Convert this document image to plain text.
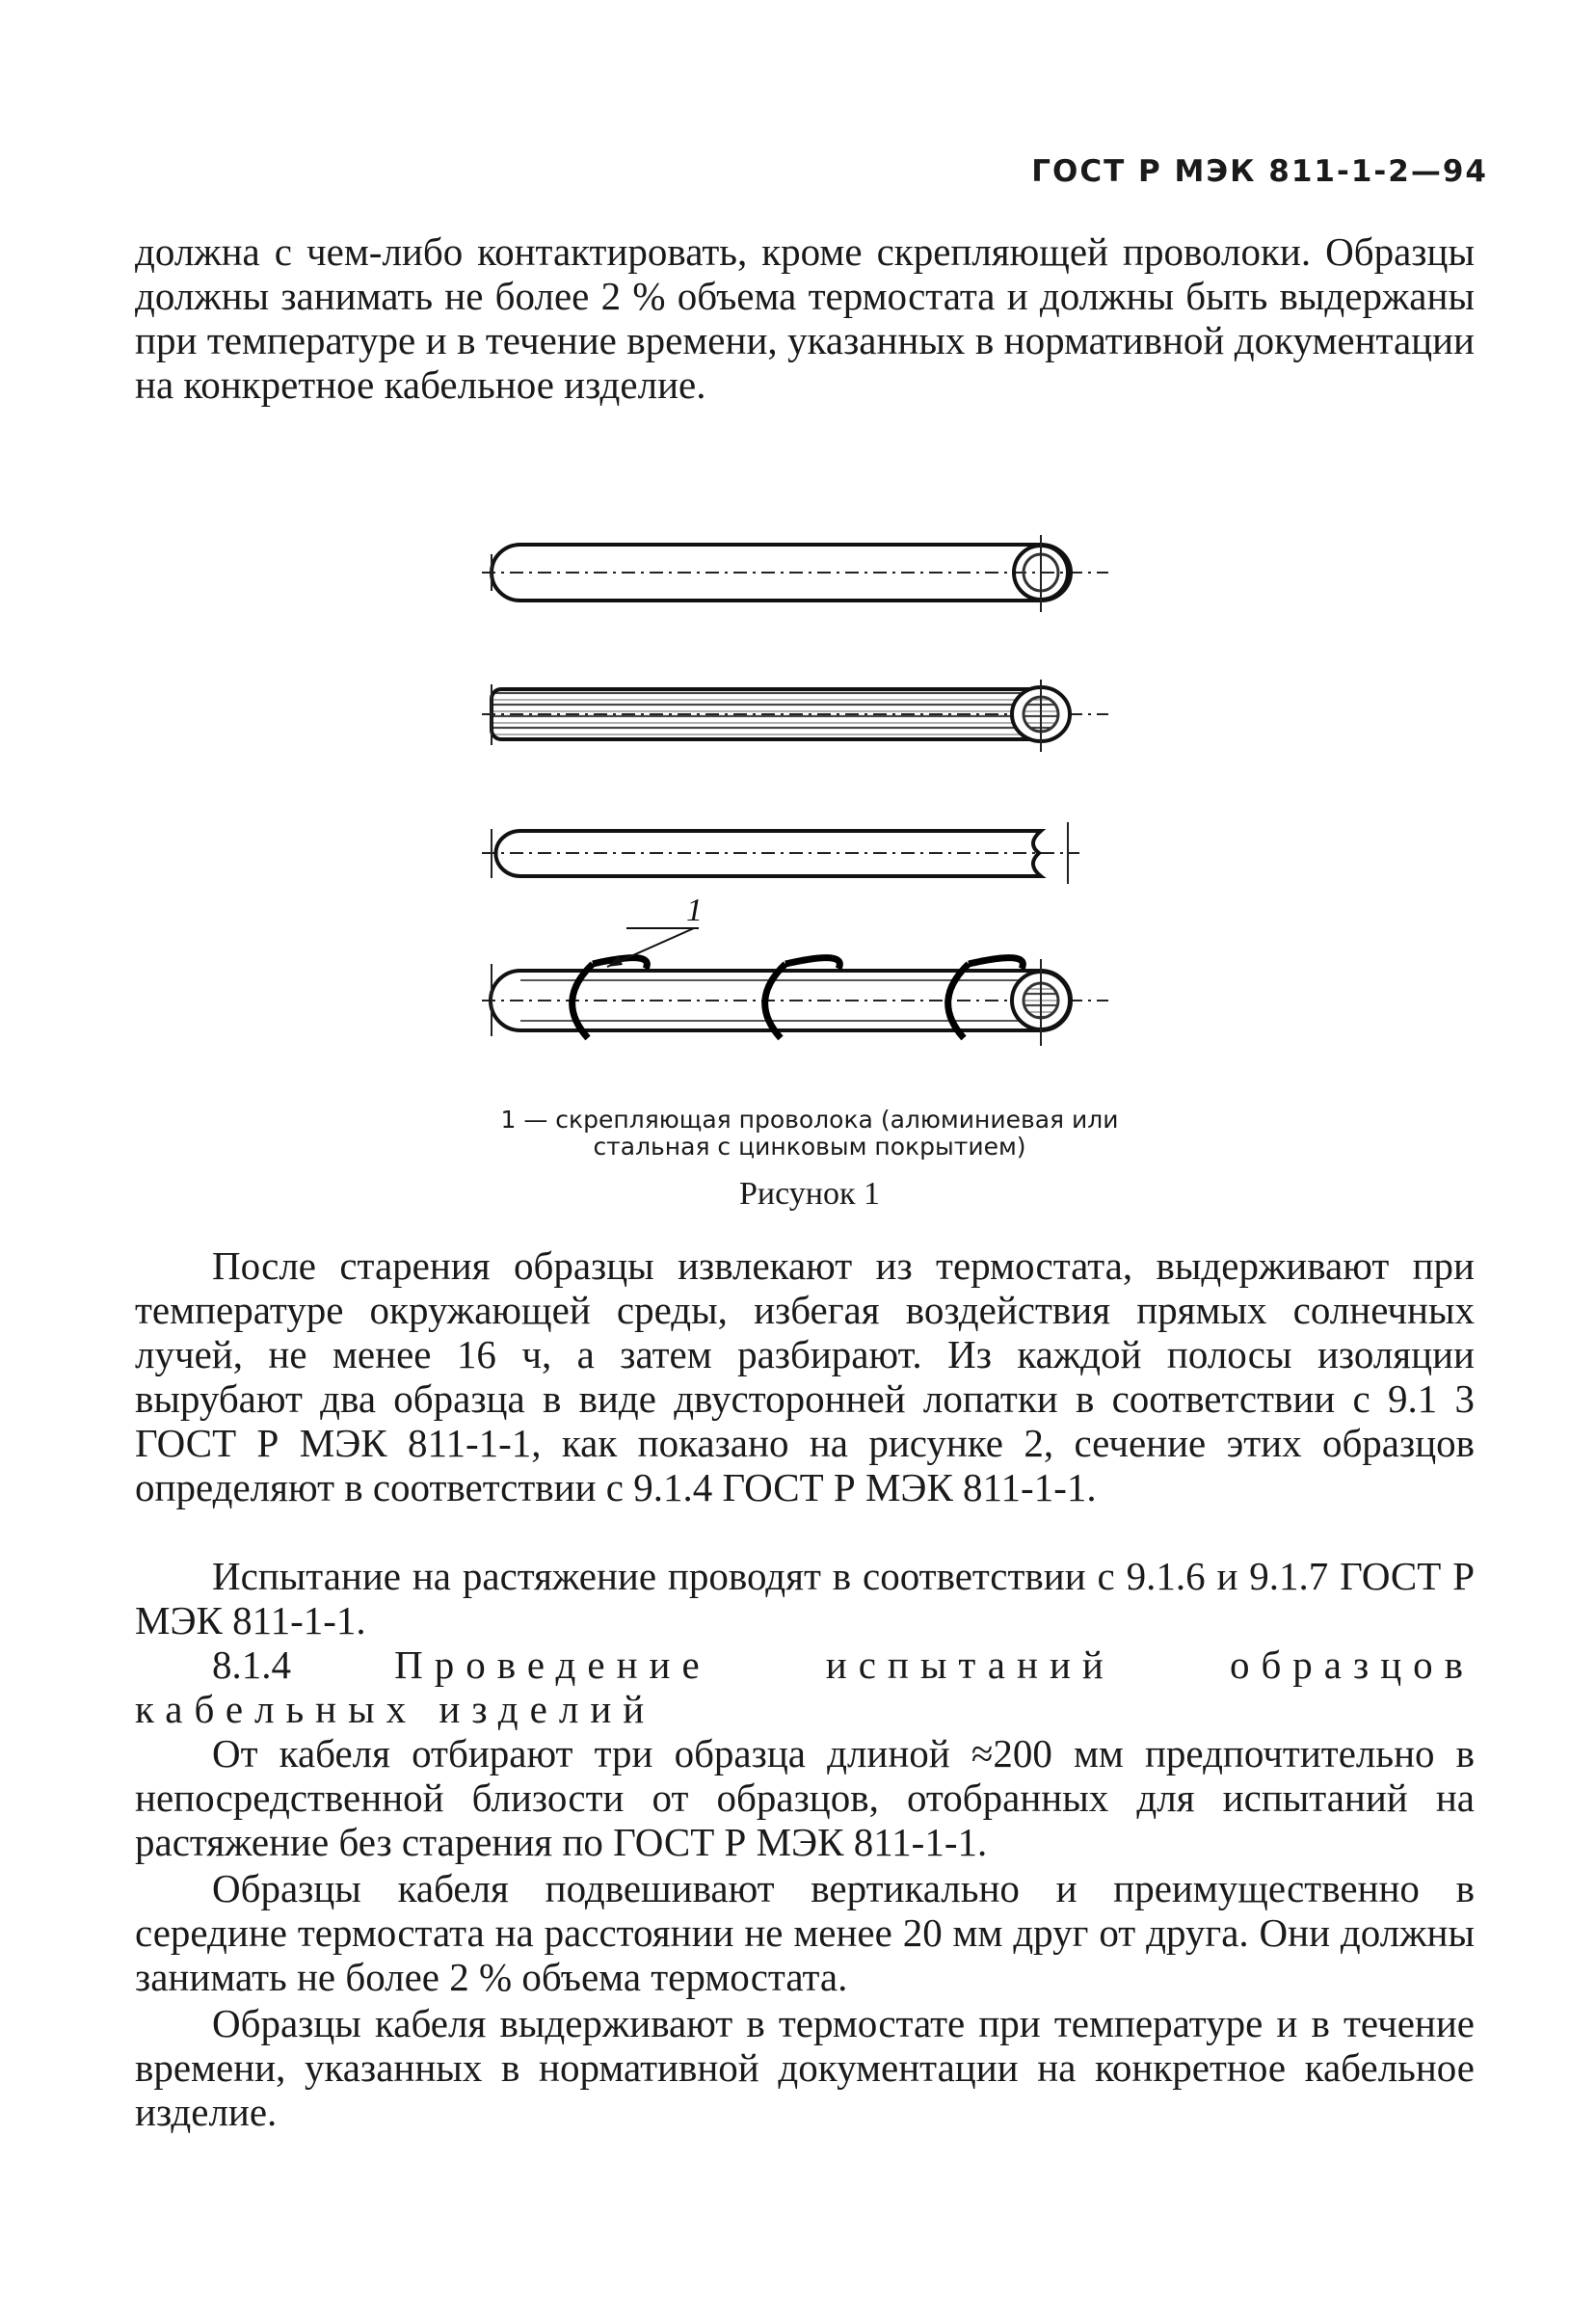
ГОСТ Р МЭК 811-1-2—94

должна с чем-либо контактировать, кроме скрепляющей проволоки. Образцы должны занимать не более 2 % объема термостата и должны быть выдержаны при температуре и в течение времени, указанных в нормативной документации на конкретное кабельное изделие.

1
1 — скрепляющая проволока (алюминиевая или стальная с цинковым покрытием)
Рисунок 1

После старения образцы извлекают из термостата, выдерживают при температуре окружающей среды, избегая воздействия прямых солнечных лучей, не менее 16 ч, а затем разбирают. Из каждой полосы изоляции вырубают два образца в виде двусторонней лопатки в соответствии с 9.1 3 ГОСТ Р МЭК 811-1-1, как показано на рисунке 2, сечение этих образцов определяют в соответствии с 9.1.4 ГОСТ Р МЭК 811-1-1.

Испытание на растяжение проводят в соответствии с 9.1.6 и 9.1.7 ГОСТ Р МЭК 811-1-1.

8.1.4	Проведение испытаний образцов кабельных изделий

От кабеля отбирают три образца длиной ≈200 мм предпочтительно в непосредственной близости от образцов, отобранных для испытаний на растяжение без старения по ГОСТ Р МЭК 811-1-1.

Образцы кабеля подвешивают вертикально и преимущественно в середине термостата на расстоянии не менее 20 мм друг от друга. Они должны занимать не более 2 % объема термостата.

Образцы кабеля выдерживают в термостате при температуре и в течение времени, указанных в нормативной документации на конкретное кабельное изделие.
